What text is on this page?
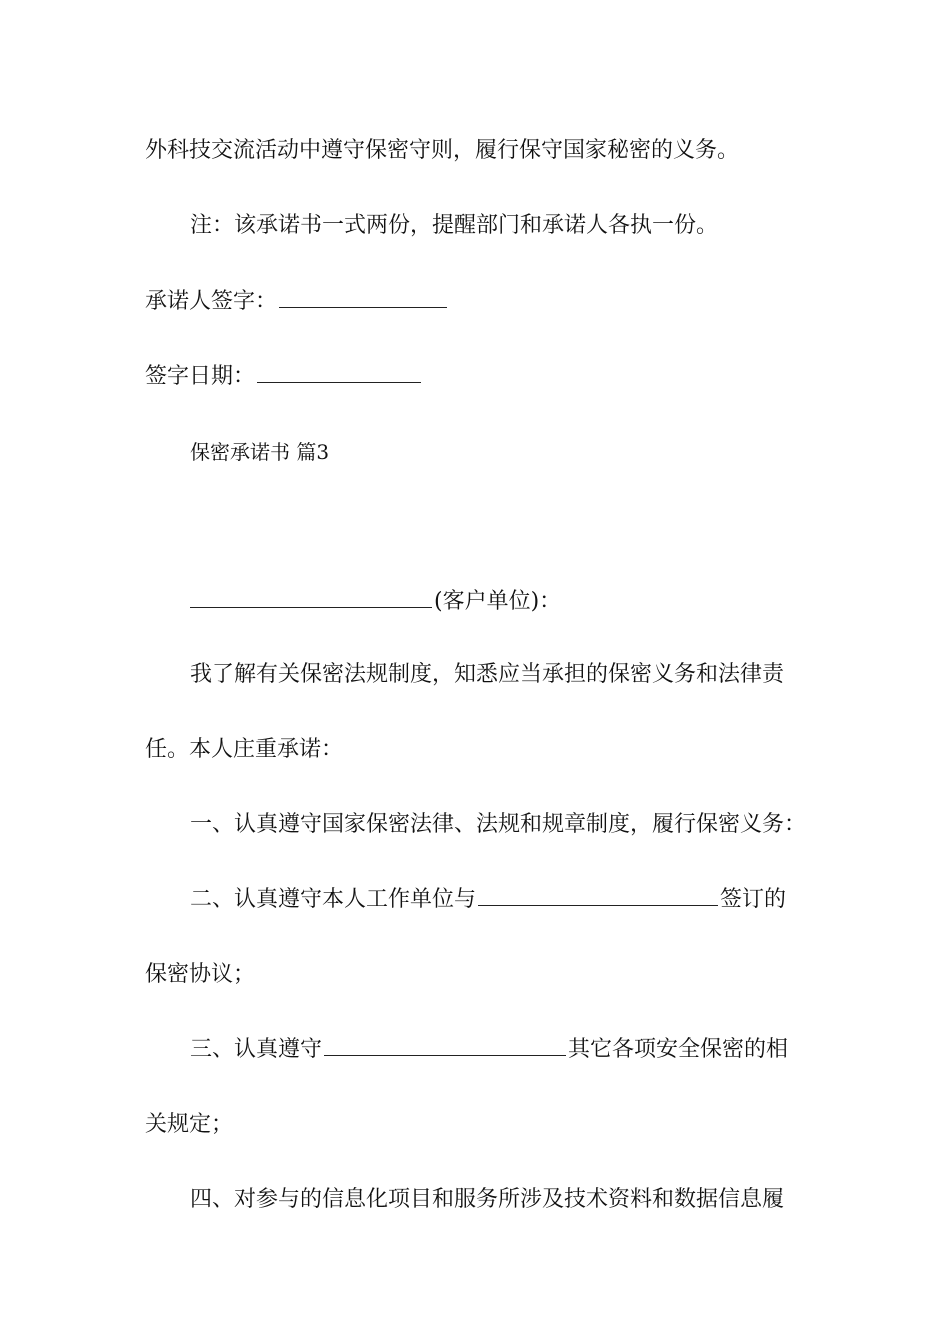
外科技交流活动中遵守保密守则，履行保守国家秘密的义务。
注：该承诺书一式两份，提醒部门和承诺人各执一份。
承诺人签字：
签字日期：
保密承诺书 篇3
(客户单位)：
我了解有关保密法规制度，知悉应当承担的保密义务和法律责
任。本人庄重承诺：
一、认真遵守国家保密法律、法规和规章制度，履行保密义务：
二、认真遵守本人工作单位与	签订的
保密协议；
三、认真遵守	其它各项安全保密的相
关规定；
四、对参与的信息化项目和服务所涉及技术资料和数据信息履
